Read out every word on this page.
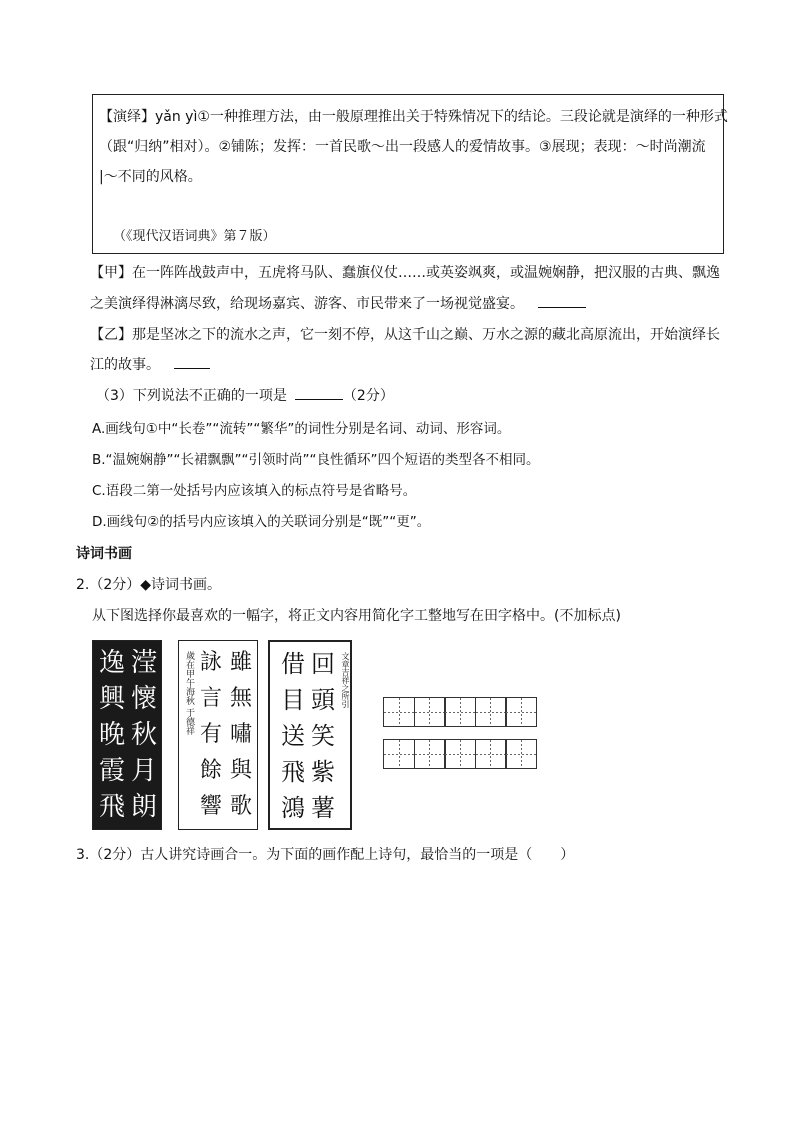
【演绎】yǎn yì①一种推理方法，由一般原理推出关于特殊情况下的结论。三段论就是演绎的一种形式
（跟“归纳”相对）。②铺陈；发挥：一首民歌～出一段感人的爱情故事。③展现；表现：～时尚潮流
|～不同的风格。
（《现代汉语词典》第７版）
【甲】在一阵阵战鼓声中，五虎将马队、蠢旗仪仗……或英姿飒爽，或温婉娴静，把汉服的古典、飘逸
之美演绎得淋漓尽致，给现场嘉宾、游客、市民带来了一场视觉盛宴。
【乙】那是坚冰之下的流水之声，它一刻不停，从这千山之巅、万水之源的藏北高原流出，开始演绎长
江的故事。
（3）下列说法不正确的一项是	（2分）
A.画线句①中“长卷”“流转”“繁华”的词性分别是名词、动词、形容词。
B.“温婉娴静”“长裙飘飘”“引领时尚”“良性循环”四个短语的类型各不相同。
C.语段二第一处括号内应该填入的标点符号是省略号。
D.画线句②的括号内应该填入的关联词分别是“既”“更”。
诗词书画
2.（2分）◆诗词书画。
从下图选择你最喜欢的一幅字，将正文内容用简化字工整地写在田字格中。(不加标点)
逸
興
晚
霞
飛
滢
懷
秋
月
朗
歲在甲午海秋 于德祥 詠
言
有
餘
響
雖
無
嘯
與
歌
借
目
送
飛
鴻
回
頭
笑
紫
薯
文章吉祥之所引
3.（2分）古人讲究诗画合一。为下面的画作配上诗句，最恰当的一项是（　　）
